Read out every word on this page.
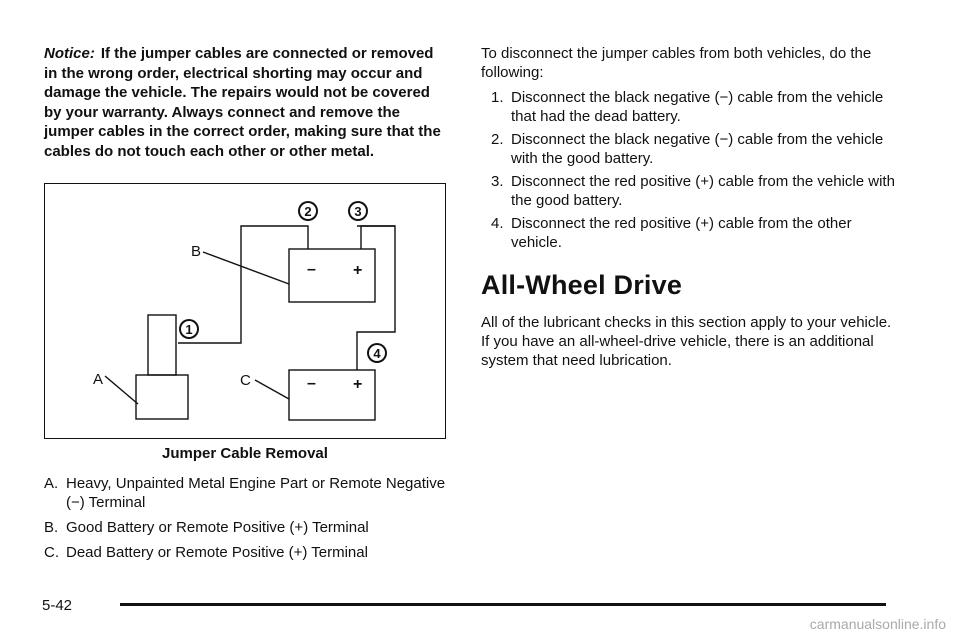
Notice: If the jumper cables are connected or removed in the wrong order, electrical shorting may occur and damage the vehicle. The repairs would not be covered by your warranty. Always connect and remove the jumper cables in the correct order, making sure that the cables do not touch each other or other metal.

2	3
1
4
B
A	C
– +
– +
Jumper Cable Removal
A. Heavy, Unpainted Metal Engine Part or Remote Negative (−) Terminal
B. Good Battery or Remote Positive (+) Terminal
C. Dead Battery or Remote Positive (+) Terminal

To disconnect the jumper cables from both vehicles, do the following:

1. Disconnect the black negative (−) cable from the vehicle that had the dead battery.
2. Disconnect the black negative (−) cable from the vehicle with the good battery.
3. Disconnect the red positive (+) cable from the vehicle with the good battery.
4. Disconnect the red positive (+) cable from the other vehicle.
All-Wheel Drive

All of the lubricant checks in this section apply to your vehicle. If you have an all-wheel-drive vehicle, there is an additional system that need lubrication.

5-42
carmanualsonline.info
